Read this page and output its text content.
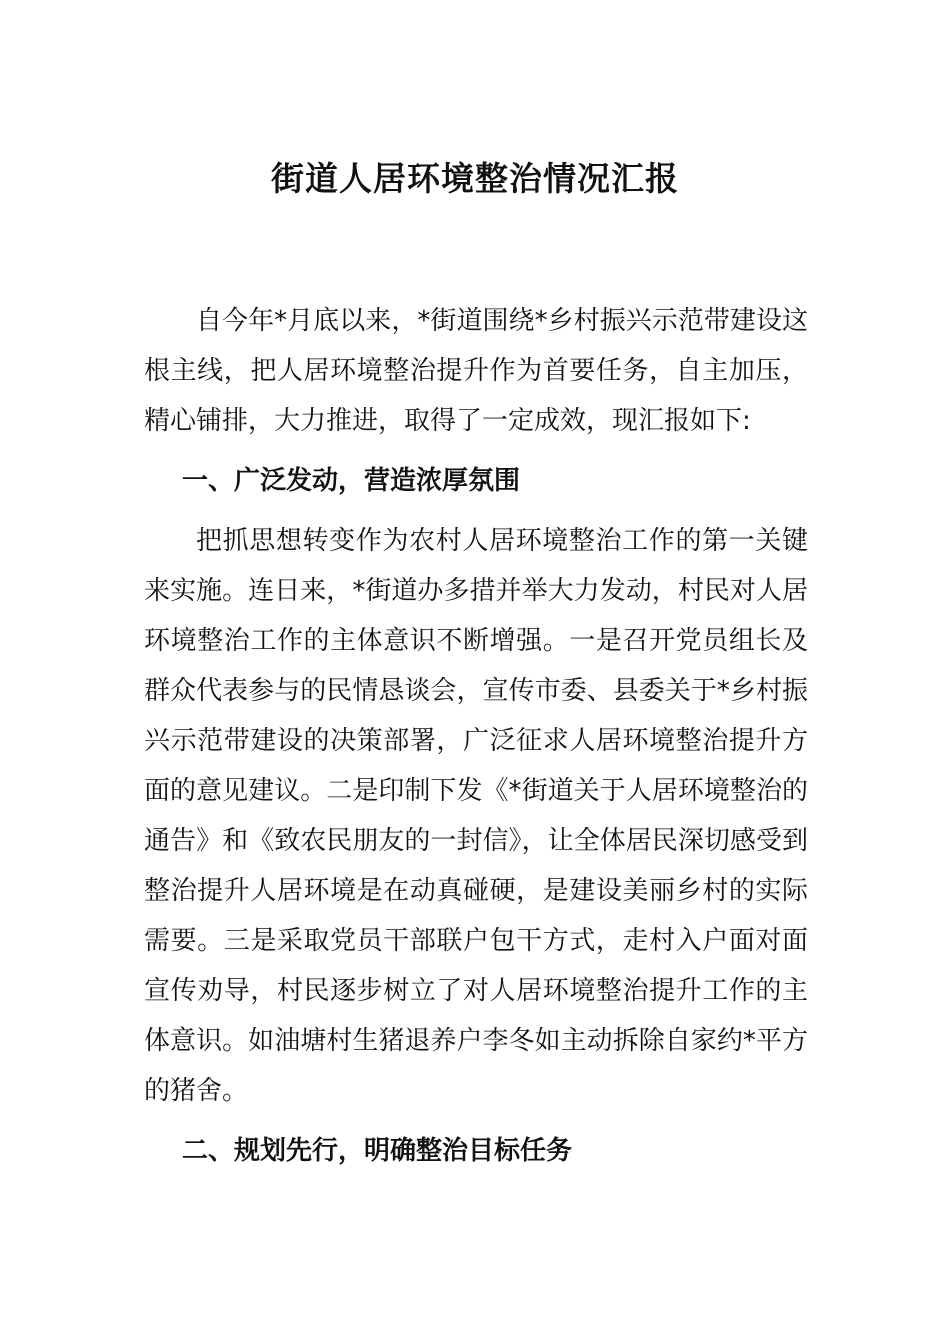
街道人居环境整治情况汇报

自今年*月底以来，*街道围绕*乡村振兴示范带建设这根主线，把人居环境整治提升作为首要任务，自主加压，精心铺排，大力推进，取得了一定成效，现汇报如下:

一、广泛发动，营造浓厚氛围

把抓思想转变作为农村人居环境整治工作的第一关键来实施。连日来，*街道办多措并举大力发动，村民对人居环境整治工作的主体意识不断增强。一是召开党员组长及群众代表参与的民情恳谈会，宣传市委、县委关于*乡村振兴示范带建设的决策部署，广泛征求人居环境整治提升方面的意见建议。二是印制下发《*街道关于人居环境整治的通告》和《致农民朋友的一封信》，让全体居民深切感受到整治提升人居环境是在动真碰硬，是建设美丽乡村的实际需要。三是采取党员干部联户包干方式，走村入户面对面宣传劝导，村民逐步树立了对人居环境整治提升工作的主体意识。如油塘村生猪退养户李冬如主动拆除自家约*平方的猪舍。

二、规划先行，明确整治目标任务
